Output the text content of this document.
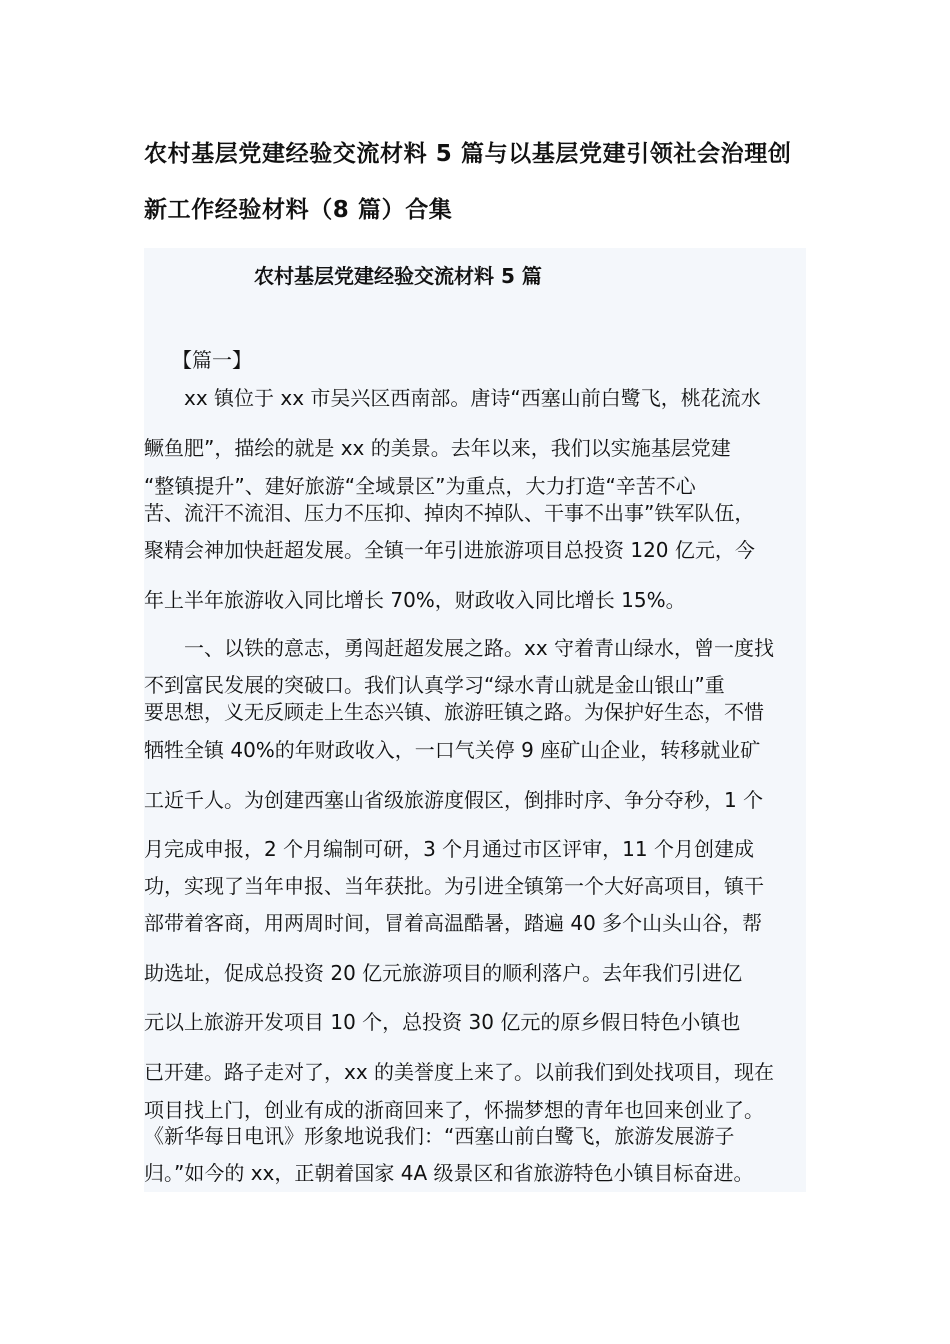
农村基层党建经验交流材料 5 篇与以基层党建引领社会治理创
新工作经验材料（8 篇）合集
农村基层党建经验交流材料 5 篇

【篇一】

xx 镇位于 xx 市吴兴区西南部。唐诗“西塞山前白鹭飞，桃花流水

鳜鱼肥”，描绘的就是 xx 的美景。去年以来，我们以实施基层党建

“整镇提升”、建好旅游“全域景区”为重点，大力打造“辛苦不心

苦、流汗不流泪、压力不压抑、掉肉不掉队、干事不出事”铁军队伍，

聚精会神加快赶超发展。全镇一年引进旅游项目总投资 120 亿元，今

年上半年旅游收入同比增长 70%，财政收入同比增长 15%。

一、以铁的意志，勇闯赶超发展之路。xx 守着青山绿水，曾一度找

不到富民发展的突破口。我们认真学习“绿水青山就是金山银山”重

要思想，义无反顾走上生态兴镇、旅游旺镇之路。为保护好生态，不惜

牺牲全镇 40%的年财政收入，一口气关停 9 座矿山企业，转移就业矿

工近千人。为创建西塞山省级旅游度假区，倒排时序、争分夺秒，1 个

月完成申报，2 个月编制可研，3 个月通过市区评审，11 个月创建成

功，实现了当年申报、当年获批。为引进全镇第一个大好高项目，镇干

部带着客商，用两周时间，冒着高温酷暑，踏遍 40 多个山头山谷，帮

助选址，促成总投资 20 亿元旅游项目的顺利落户。去年我们引进亿

元以上旅游开发项目 10 个，总投资 30 亿元的原乡假日特色小镇也

已开建。路子走对了，xx 的美誉度上来了。以前我们到处找项目，现在

项目找上门，创业有成的浙商回来了，怀揣梦想的青年也回来创业了。

《新华每日电讯》形象地说我们：“西塞山前白鹭飞，旅游发展游子

归。”如今的 xx，正朝着国家 4A 级景区和省旅游特色小镇目标奋进。
